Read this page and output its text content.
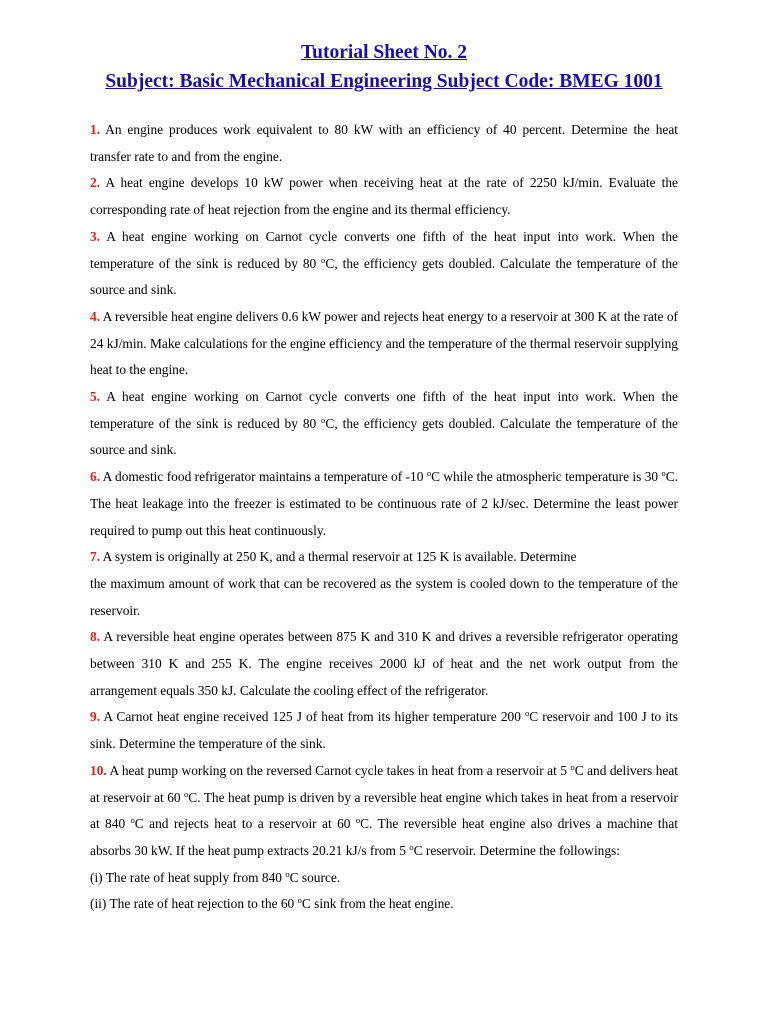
Tutorial Sheet No. 2
Subject: Basic Mechanical Engineering Subject Code: BMEG 1001

1. An engine produces work equivalent to 80 kW with an efficiency of 40 percent. Determine the heat transfer rate to and from the engine.

2. A heat engine develops 10 kW power when receiving heat at the rate of 2250 kJ/min. Evaluate the corresponding rate of heat rejection from the engine and its thermal efficiency.

3. A heat engine working on Carnot cycle converts one fifth of the heat input into work. When the temperature of the sink is reduced by 80 $^o$C, the efficiency gets doubled. Calculate the temperature of the source and sink.

4. A reversible heat engine delivers 0.6 kW power and rejects heat energy to a reservoir at 300 K at the rate of 24 kJ/min. Make calculations for the engine efficiency and the temperature of the thermal reservoir supplying heat to the engine.

5. A heat engine working on Carnot cycle converts one fifth of the heat input into work. When the temperature of the sink is reduced by 80 $^o$C, the efficiency gets doubled. Calculate the temperature of the source and sink.

6. A domestic food refrigerator maintains a temperature of -10 $^o$C while the atmospheric temperature is 30 $^o$C. The heat leakage into the freezer is estimated to be continuous rate of 2 kJ/sec. Determine the least power required to pump out this heat continuously.

7. A system is originally at 250 K, and a thermal reservoir at 125 K is available. Determine

the maximum amount of work that can be recovered as the system is cooled down to the temperature of the reservoir.

8. A reversible heat engine operates between 875 K and 310 K and drives a reversible refrigerator operating between 310 K and 255 K. The engine receives 2000 kJ of heat and the net work output from the arrangement equals 350 kJ. Calculate the cooling effect of the refrigerator.

9. A Carnot heat engine received 125 J of heat from its higher temperature 200 $^o$C reservoir and 100 J to its sink. Determine the temperature of the sink.

10. A heat pump working on the reversed Carnot cycle takes in heat from a reservoir at 5 $^o$C and delivers heat at reservoir at 60 $^o$C. The heat pump is driven by a reversible heat engine which takes in heat from a reservoir at 840 $^o$C and rejects heat to a reservoir at 60 $^o$C. The reversible heat engine also drives a machine that absorbs 30 kW. If the heat pump extracts 20.21 kJ/s from 5 $^o$C reservoir. Determine the followings:

(i) The rate of heat supply from 840 $^o$C source.

(ii) The rate of heat rejection to the 60 $^o$C sink from the heat engine.
